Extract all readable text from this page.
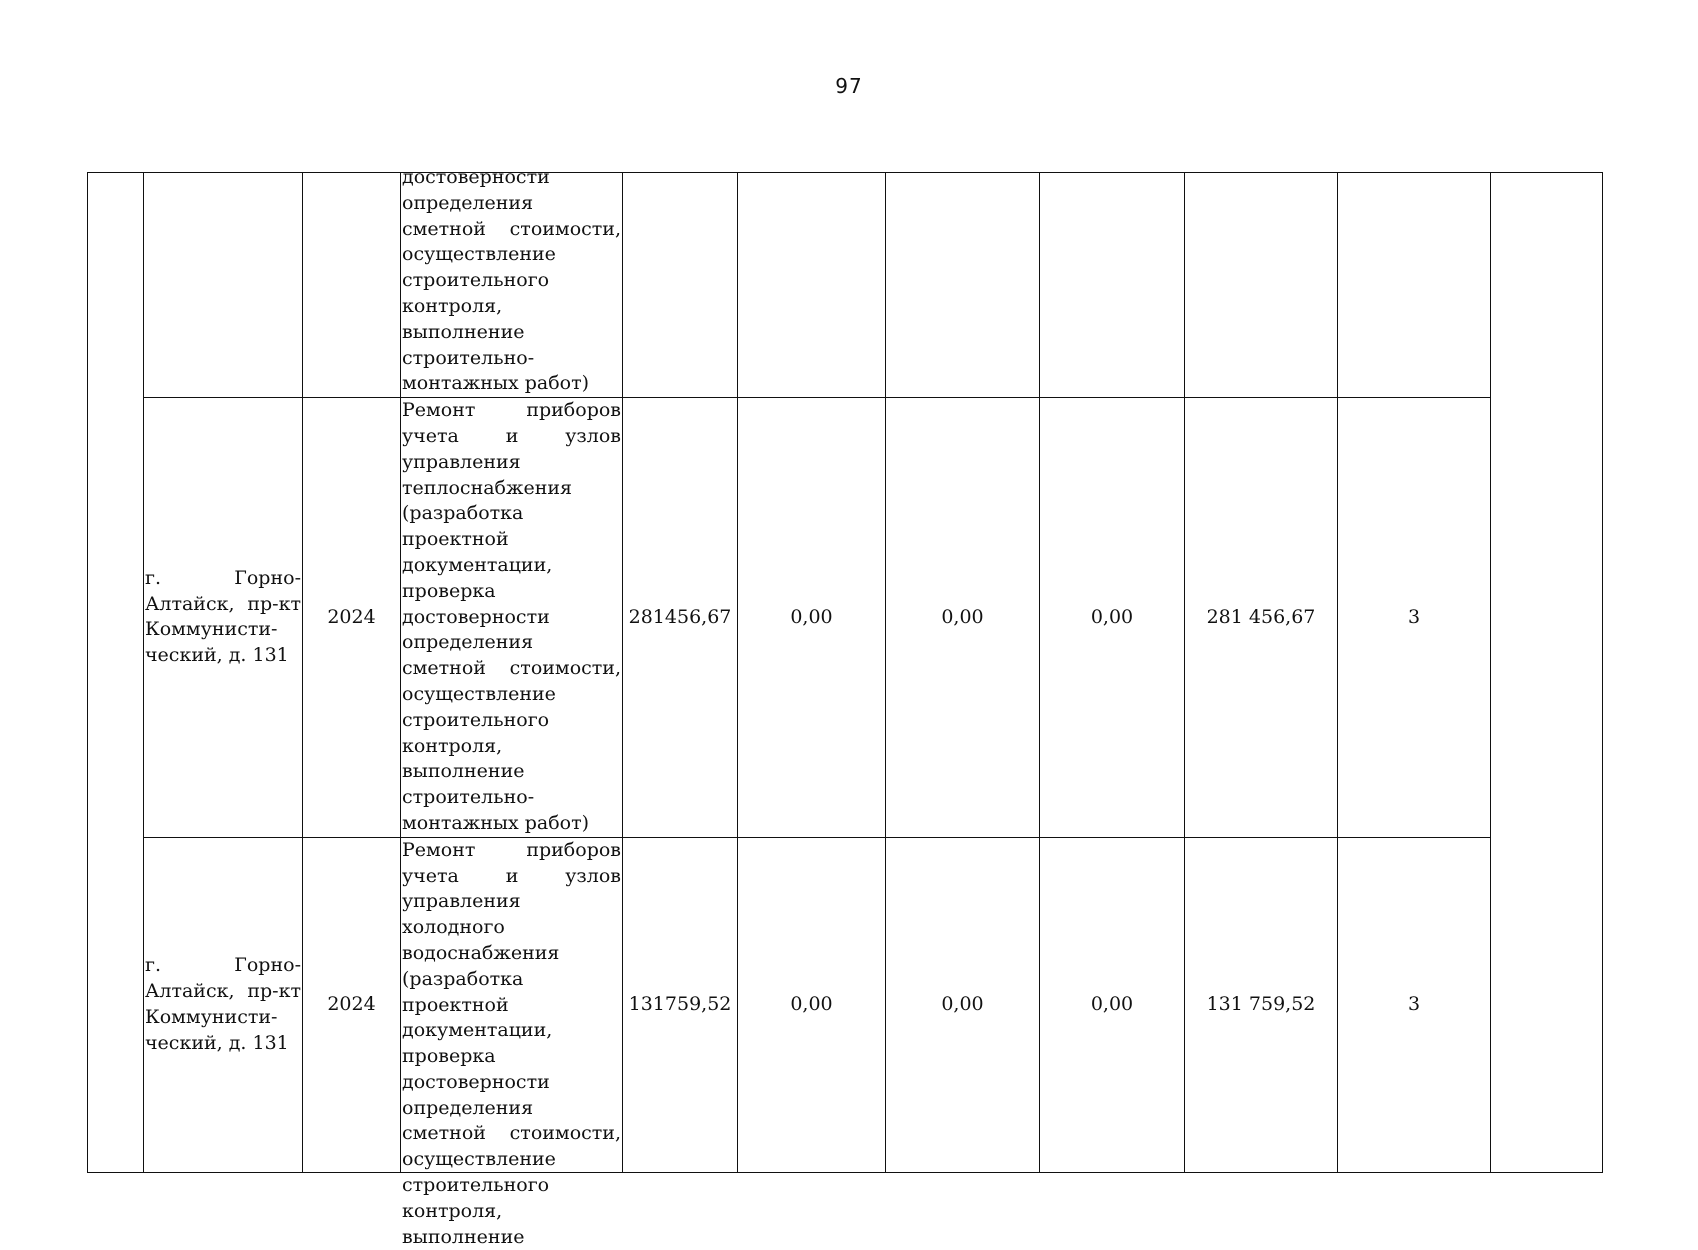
97

			достоверности определения сметной стоимости, осуществление строительного контроля, выполнение строительно-монтажных работ)							

	г. Горно-Алтайск, пр-кт Коммунисти-ческий, д. 131	2024	Ремонт приборов учета и узлов управления теплоснабжения (разработка проектной документации, проверка достоверности определения сметной стоимости, осуществление строительного контроля, выполнение строительно-монтажных работ)	281456,67	0,00	0,00	0,00	281 456,67	3	
	г. Горно-Алтайск, пр-кт Коммунисти-ческий, д. 131	2024	Ремонт приборов учета и узлов управления холодного водоснабжения (разработка проектной документации, проверка достоверности определения сметной стоимости, осуществление строительного контроля, выполнение	131759,52	0,00	0,00	0,00	131 759,52	3	
